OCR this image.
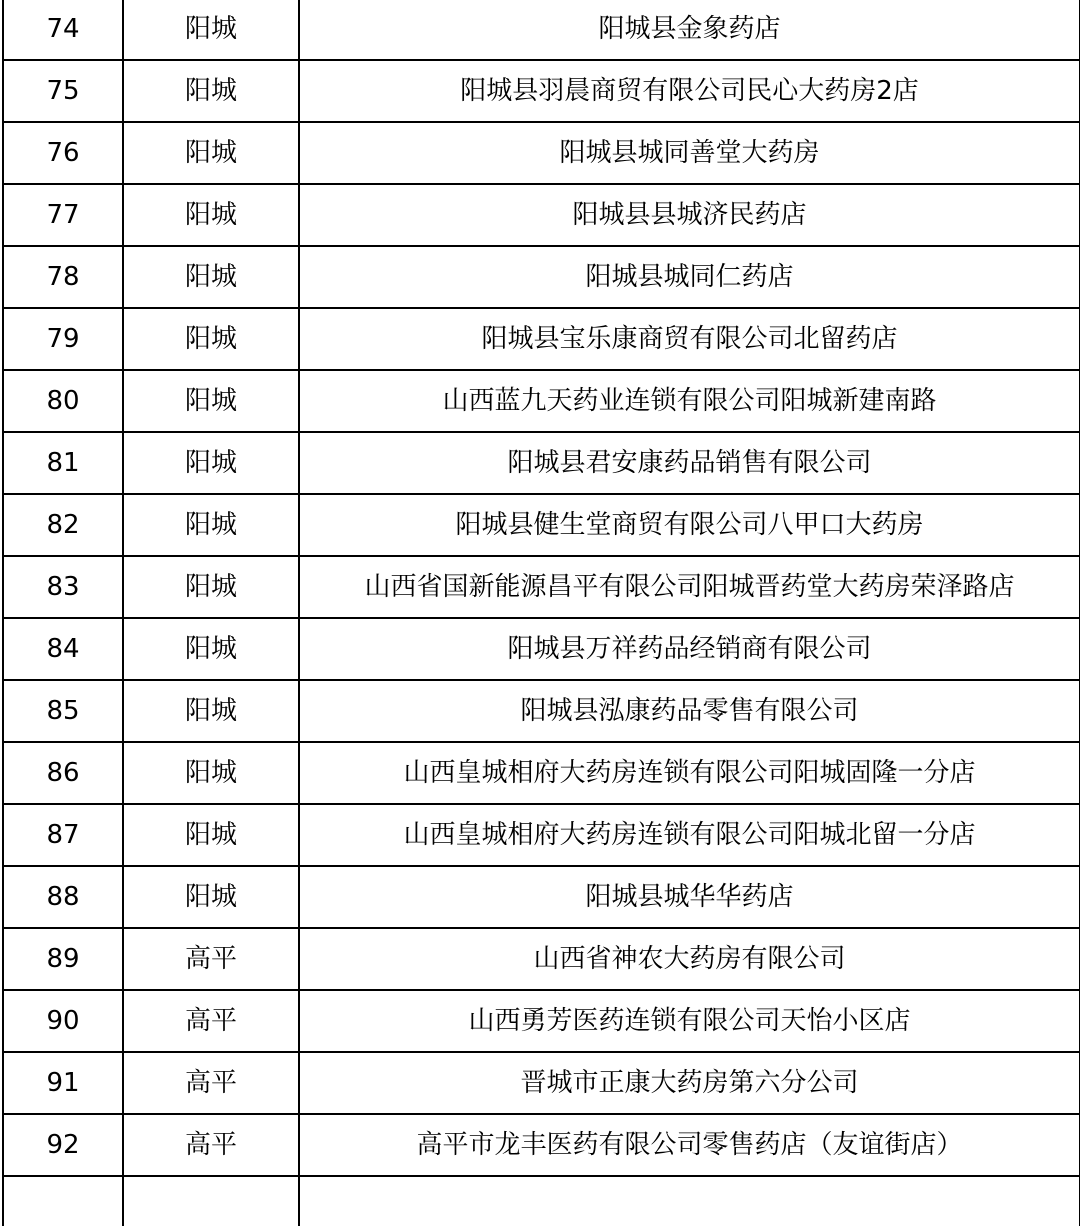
74	阳城	阳城县金象药店
75	阳城	阳城县羽晨商贸有限公司民心大药房2店
76	阳城	阳城县城同善堂大药房
77	阳城	阳城县县城济民药店
78	阳城	阳城县城同仁药店
79	阳城	阳城县宝乐康商贸有限公司北留药店
80	阳城	山西蓝九天药业连锁有限公司阳城新建南路
81	阳城	阳城县君安康药品销售有限公司
82	阳城	阳城县健生堂商贸有限公司八甲口大药房
83	阳城	山西省国新能源昌平有限公司阳城晋药堂大药房荣泽路店
84	阳城	阳城县万祥药品经销商有限公司
85	阳城	阳城县泓康药品零售有限公司
86	阳城	山西皇城相府大药房连锁有限公司阳城固隆一分店
87	阳城	山西皇城相府大药房连锁有限公司阳城北留一分店
88	阳城	阳城县城华华药店
89	高平	山西省神农大药房有限公司
90	高平	山西勇芳医药连锁有限公司天怡小区店
91	高平	晋城市正康大药房第六分公司
92	高平	高平市龙丰医药有限公司零售药店（友谊街店）
